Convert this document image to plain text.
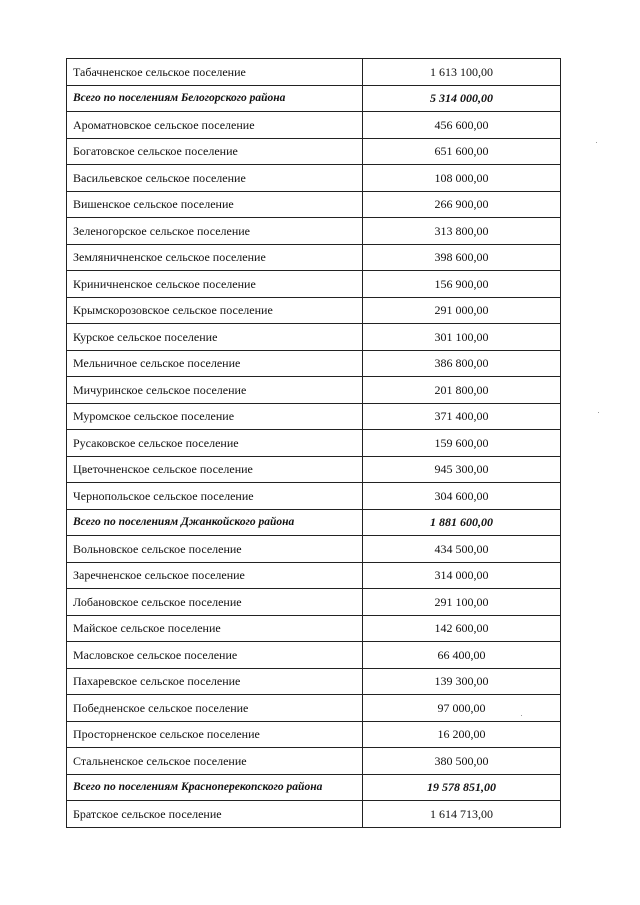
Табачненское сельское поселение	1 613 100,00
Всего по поселениям Белогорского района	5 314 000,00
Ароматновское сельское поселение	456 600,00
Богатовское сельское поселение	651 600,00
Васильевское сельское поселение	108 000,00
Вишенское сельское поселение	266 900,00
Зеленогорское сельское поселение	313 800,00
Земляничненское сельское поселение	398 600,00
Криничненское сельское поселение	156 900,00
Крымскорозовское сельское поселение	291 000,00
Курское сельское поселение	301 100,00
Мельничное сельское поселение	386 800,00
Мичуринское сельское поселение	201 800,00
Муромское сельское поселение	371 400,00
Русаковское сельское поселение	159 600,00
Цветочненское сельское поселение	945 300,00
Чернопольское сельское поселение	304 600,00
Всего по поселениям Джанкойского района	1 881 600,00
Вольновское сельское поселение	434 500,00
Заречненское сельское поселение	314 000,00
Лобановское сельское поселение	291 100,00
Майское сельское поселение	142 600,00
Масловское сельское поселение	66 400,00
Пахаревское сельское поселение	139 300,00
Победненское сельское поселение	97 000,00
Просторненское сельское поселение	16 200,00
Стальненское сельское поселение	380 500,00
Всего по поселениям Красноперекопского района	19 578 851,00
Братское сельское поселение	1 614 713,00
